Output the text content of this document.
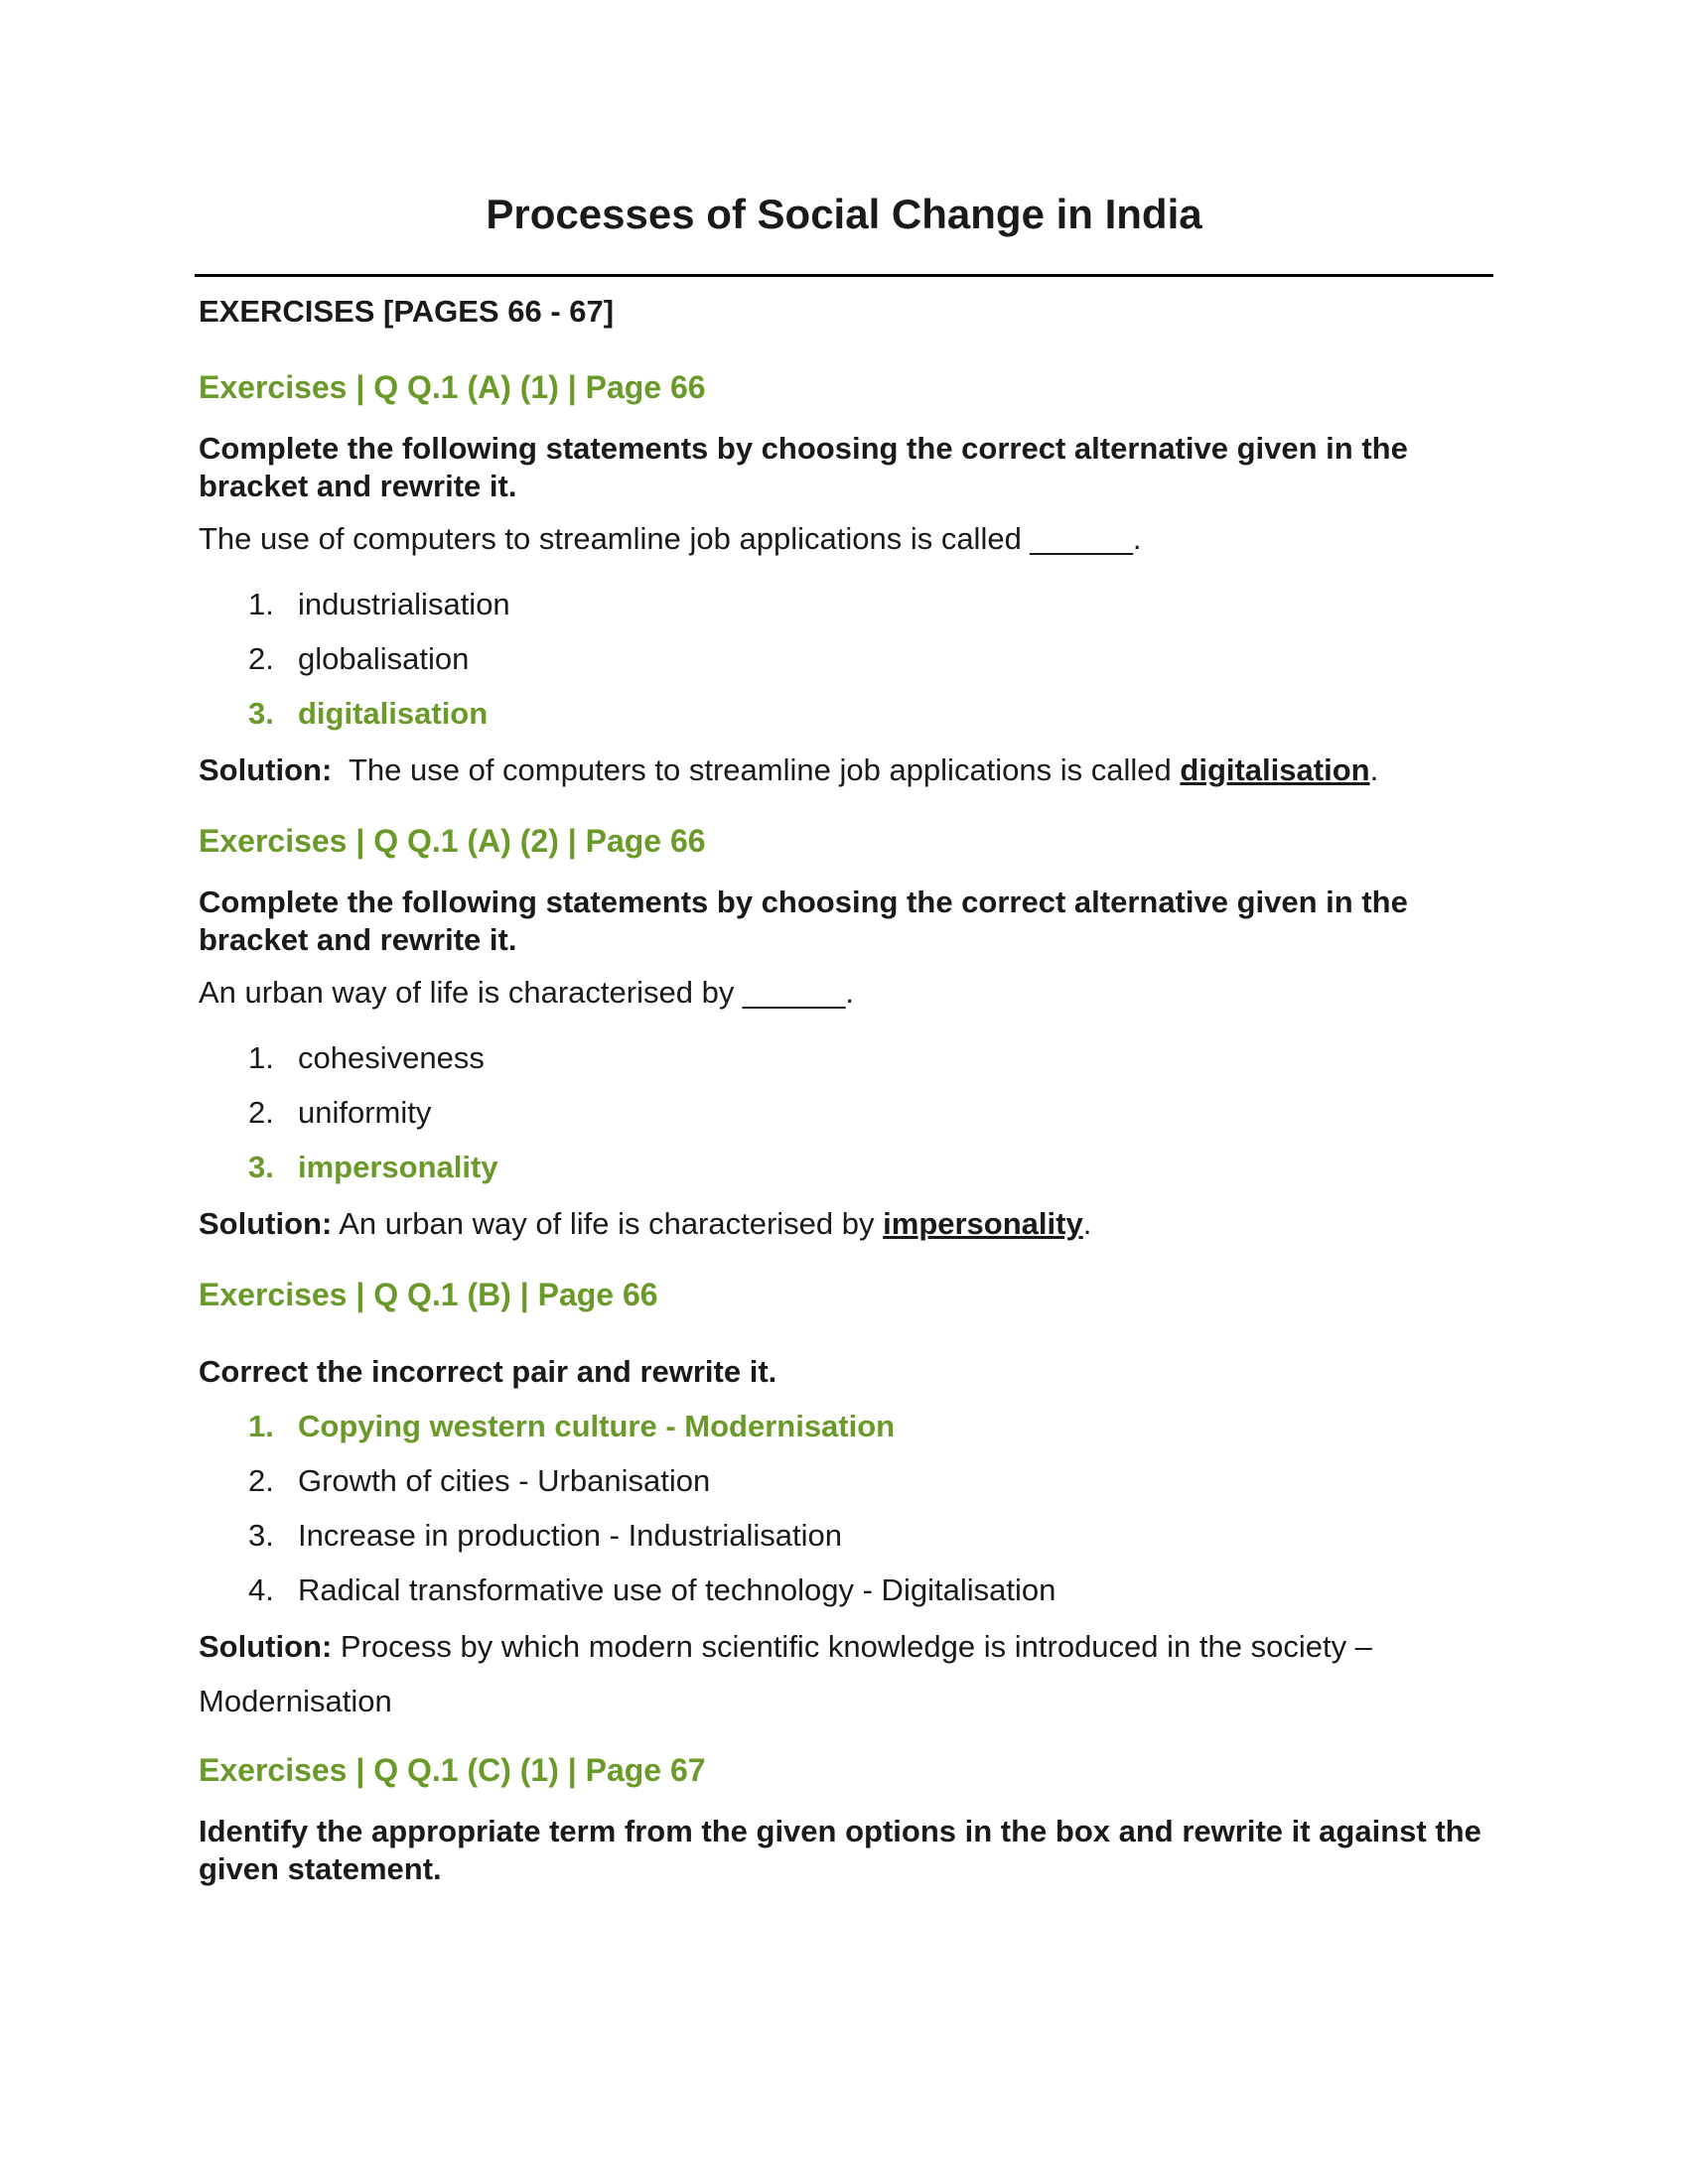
Processes of Social Change in India
EXERCISES [PAGES 66 - 67]
Exercises | Q Q.1 (A) (1) | Page 66
Complete the following statements by choosing the correct alternative given in the bracket and rewrite it.
The use of computers to streamline job applications is called ______.
1. industrialisation
2. globalisation
3. digitalisation
Solution:  The use of computers to streamline job applications is called digitalisation.
Exercises | Q Q.1 (A) (2) | Page 66
Complete the following statements by choosing the correct alternative given in the bracket and rewrite it.
An urban way of life is characterised by ______.
1. cohesiveness
2. uniformity
3. impersonality
Solution: An urban way of life is characterised by impersonality.
Exercises | Q Q.1 (B) | Page 66
Correct the incorrect pair and rewrite it.
1. Copying western culture - Modernisation
2. Growth of cities - Urbanisation
3. Increase in production - Industrialisation
4. Radical transformative use of technology - Digitalisation
Solution: Process by which modern scientific knowledge is introduced in the society – Modernisation
Exercises | Q Q.1 (C) (1) | Page 67
Identify the appropriate term from the given options in the box and rewrite it against the given statement.
